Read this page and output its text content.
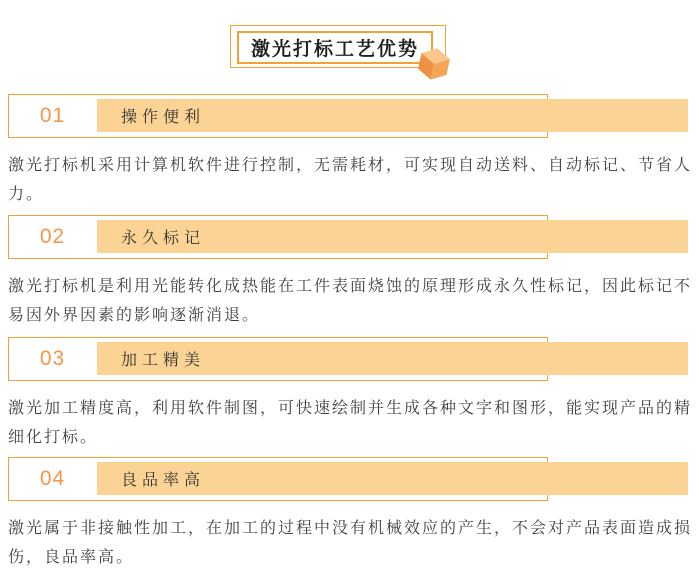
激光打标工艺优势
01	操作便利
激光打标机采用计算机软件进行控制，无需耗材，可实现自动送料、自动标记、节省人力。
02	永久标记
激光打标机是利用光能转化成热能在工件表面烧蚀的原理形成永久性标记，因此标记不易因外界因素的影响逐渐消退。
03	加工精美
激光加工精度高，利用软件制图，可快速绘制并生成各种文字和图形，能实现产品的精细化打标。
04	良品率高
激光属于非接触性加工，在加工的过程中没有机械效应的产生，不会对产品表面造成损伤，良品率高。
